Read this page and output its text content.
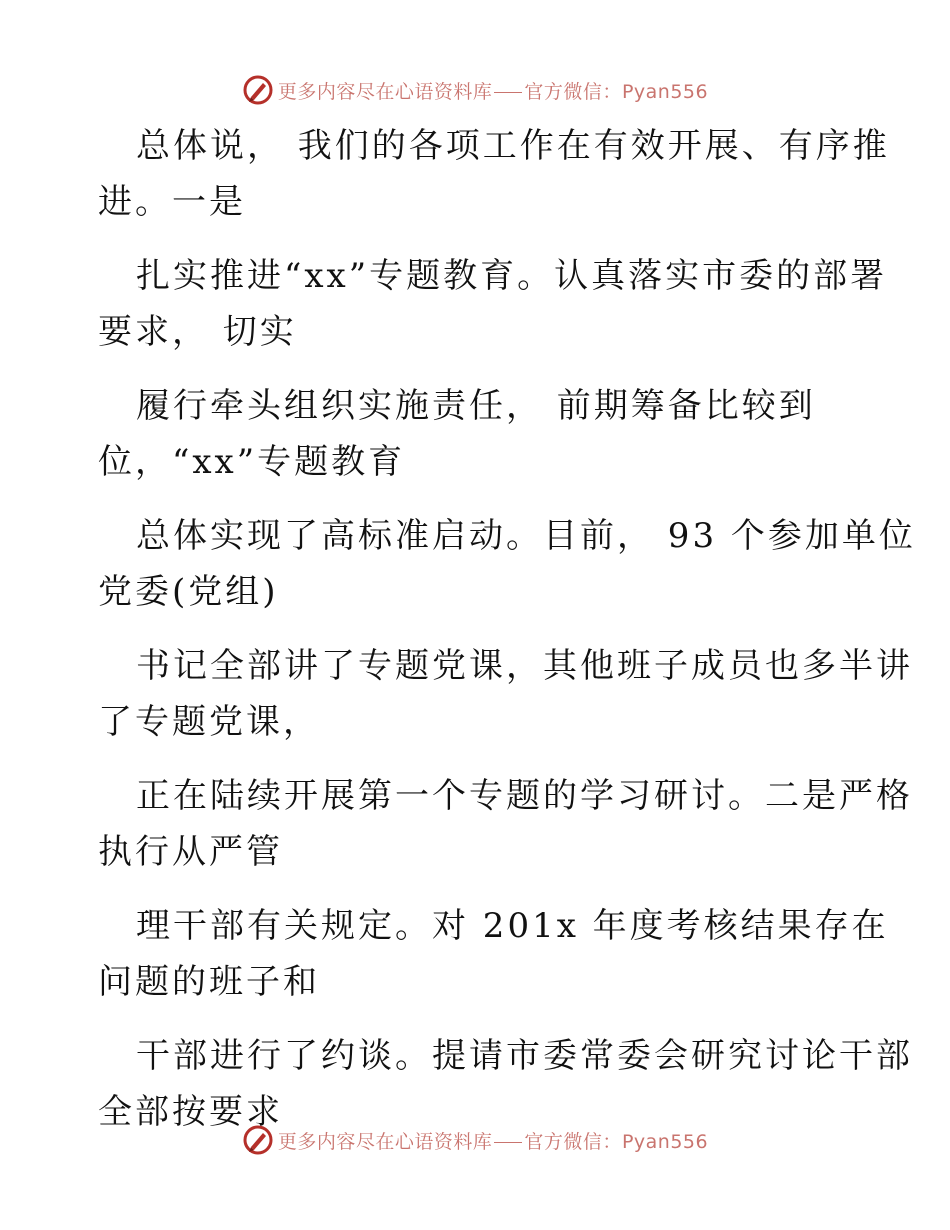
更多内容尽在心语资料库 官方微信：Pyan556

总体说， 我们的各项工作在有效开展、有序推
进。一是

扎实推进“xx”专题教育。认真落实市委的部署
要求， 切实

履行牵头组织实施责任， 前期筹备比较到
位，“xx”专题教育

总体实现了高标准启动。目前， 93 个参加单位
党委(党组)

书记全部讲了专题党课，其他班子成员也多半讲
了专题党课，

正在陆续开展第一个专题的学习研讨。二是严格
执行从严管

理干部有关规定。对 201x 年度考核结果存在
问题的班子和

干部进行了约谈。提请市委常委会研究讨论干部
全部按要求

更多内容尽在心语资料库 官方微信：Pyan556
